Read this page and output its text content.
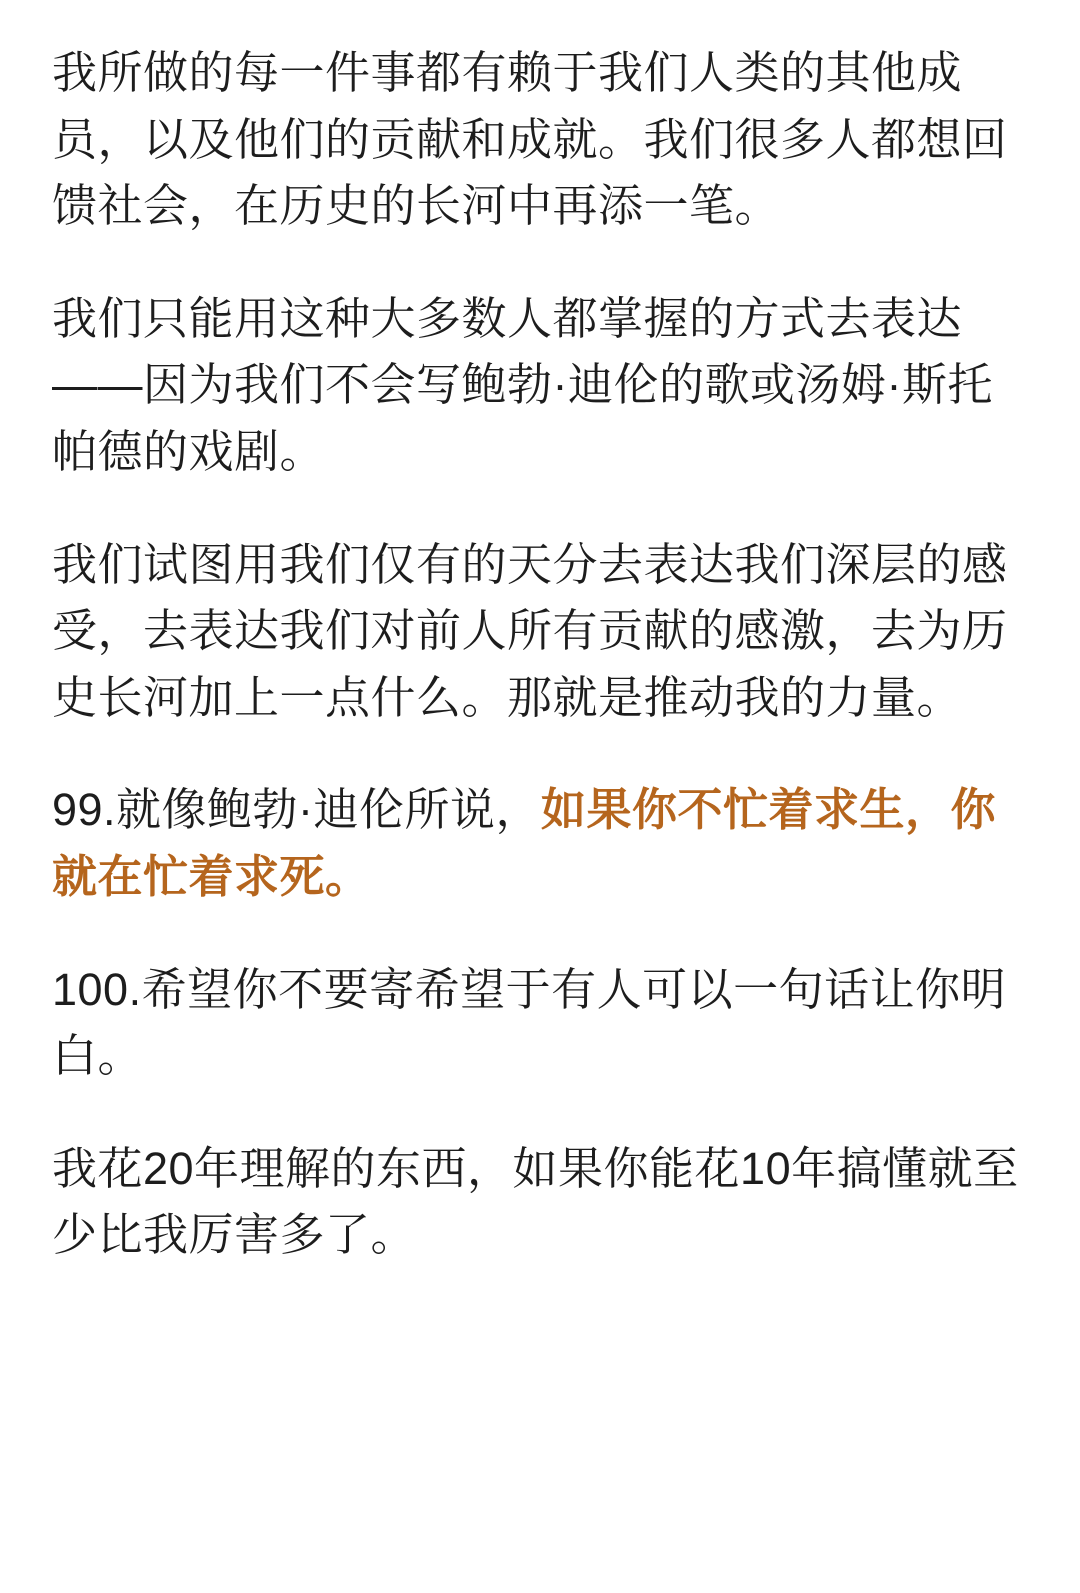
我所做的每一件事都有赖于我们人类的其他成员，以及他们的贡献和成就。我们很多人都想回馈社会，在历史的长河中再添一笔。

我们只能用这种大多数人都掌握的方式去表达——因为我们不会写鲍勃·迪伦的歌或汤姆·斯托帕德的戏剧。

我们试图用我们仅有的天分去表达我们深层的感受，去表达我们对前人所有贡献的感激，去为历史长河加上一点什么。那就是推动我的力量。

99.就像鲍勃·迪伦所说，如果你不忙着求生，你就在忙着求死。

100.希望你不要寄希望于有人可以一句话让你明白。

我花20年理解的东西，如果你能花10年搞懂就至少比我厉害多了。
